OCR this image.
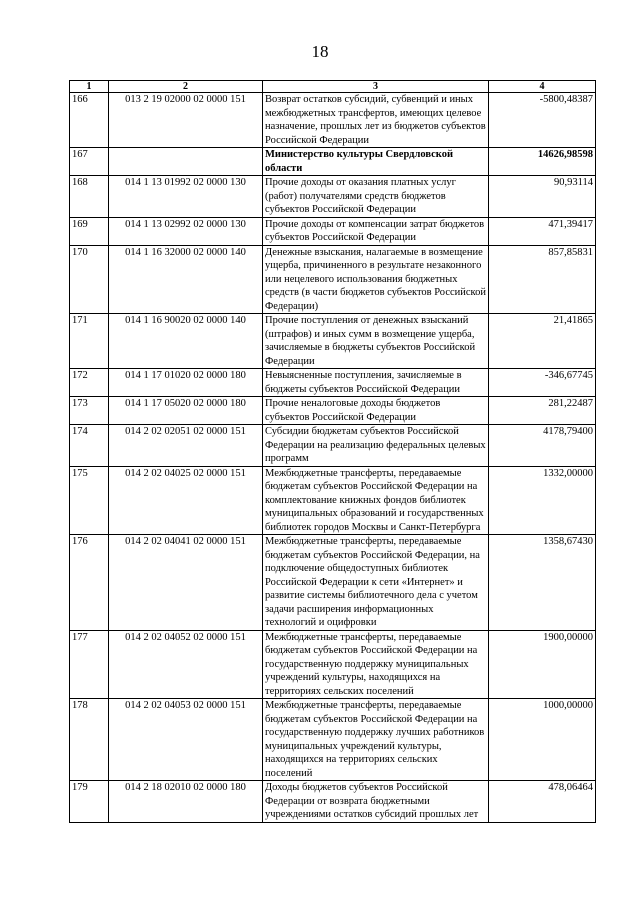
18
1	2	3	4
166	013 2 19 02000 02 0000 151	Возврат остатков субсидий, субвенций и иных межбюджетных трансфертов, имеющих целевое назначение, прошлых лет из бюджетов субъектов Российской Федерации	-5800,48387
167		Министерство культуры Свердловской области	14626,98598
168	014 1 13 01992 02 0000 130	Прочие доходы от оказания платных услуг (работ) получателями средств бюджетов субъектов Российской Федерации	90,93114
169	014 1 13 02992 02 0000 130	Прочие доходы от компенсации затрат бюджетов субъектов Российской Федерации	471,39417
170	014 1 16 32000 02 0000 140	Денежные взыскания, налагаемые в возмещение ущерба, причиненного в результате незаконного или нецелевого использования бюджетных средств (в части бюджетов субъектов Российской Федерации)	857,85831
171	014 1 16 90020 02 0000 140	Прочие поступления от денежных взысканий (штрафов) и иных сумм в возмещение ущерба, зачисляемые в бюджеты субъектов Российской Федерации	21,41865
172	014 1 17 01020 02 0000 180	Невыясненные поступления, зачисляемые в бюджеты субъектов Российской Федерации	-346,67745
173	014 1 17 05020 02 0000 180	Прочие неналоговые доходы бюджетов субъектов Российской Федерации	281,22487
174	014 2 02 02051 02 0000 151	Субсидии бюджетам субъектов Российской Федерации на реализацию федеральных целевых программ	4178,79400
175	014 2 02 04025 02 0000 151	Межбюджетные трансферты, передаваемые бюджетам субъектов Российской Федерации на комплектование книжных фондов библиотек муниципальных образований и государственных библиотек городов Москвы и Санкт-Петербурга	1332,00000
176	014 2 02 04041 02 0000 151	Межбюджетные трансферты, передаваемые бюджетам субъектов Российской Федерации, на подключение общедоступных библиотек Российской Федерации к сети «Интернет» и развитие системы библиотечного дела с учетом задачи расширения информационных технологий и оцифровки	1358,67430
177	014 2 02 04052 02 0000 151	Межбюджетные трансферты, передаваемые бюджетам субъектов Российской Федерации на государственную поддержку муниципальных учреждений культуры, находящихся на территориях сельских поселений	1900,00000
178	014 2 02 04053 02 0000 151	Межбюджетные трансферты, передаваемые бюджетам субъектов Российской Федерации на государственную поддержку лучших работников муниципальных учреждений культуры, находящихся на территориях сельских поселений	1000,00000
179	014 2 18 02010 02 0000 180	Доходы бюджетов субъектов Российской Федерации от возврата бюджетными учреждениями остатков субсидий прошлых лет	478,06464
